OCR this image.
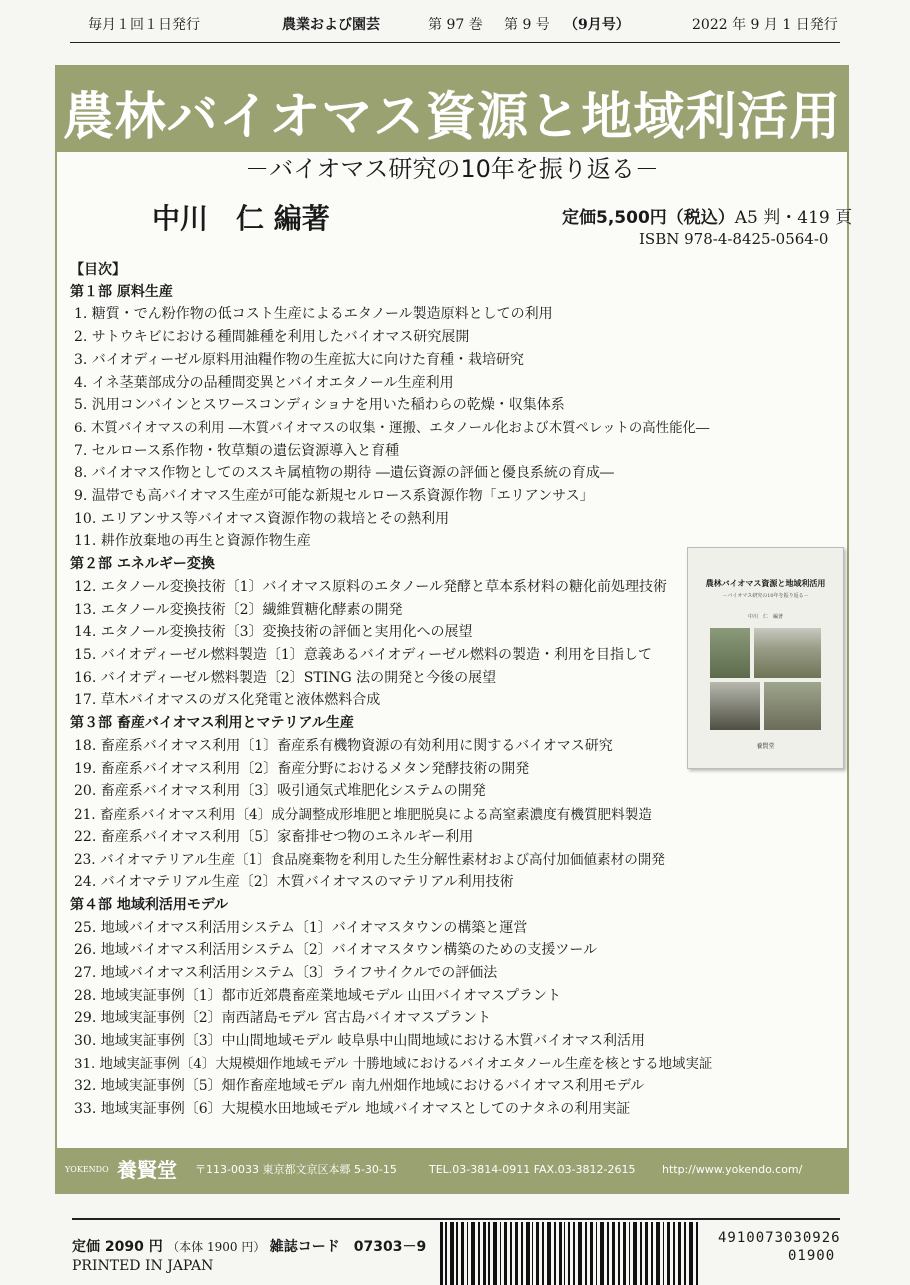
毎月１回１日発行	農業および園芸	第 97 巻 第 9 号 （9月号）	2022 年 9 月 1 日発行
農林バイオマス資源と地域利活用
－バイオマス研究の10年を振り返る－
中川　仁 編著	定価5,500円（税込）A5 判・419 頁
ISBN 978-4-8425-0564-0
【目次】
第１部 原料生産
1. 糖質・でん粉作物の低コスト生産によるエタノール製造原料としての利用
2. サトウキビにおける種間雑種を利用したバイオマス研究展開
3. バイオディーゼル原料用油糧作物の生産拡大に向けた育種・栽培研究
4. イネ茎葉部成分の品種間変異とバイオエタノール生産利用
5. 汎用コンバインとスワースコンディショナを用いた稲わらの乾燥・収集体系
6. 木質バイオマスの利用 ―木質バイオマスの収集・運搬、エタノール化および木質ペレットの高性能化―
7. セルロース系作物・牧草類の遺伝資源導入と育種
8. バイオマス作物としてのススキ属植物の期待 ―遺伝資源の評価と優良系統の育成―
9. 温帯でも高バイオマス生産が可能な新規セルロース系資源作物「エリアンサス」
10. エリアンサス等バイオマス資源作物の栽培とその熱利用
11. 耕作放棄地の再生と資源作物生産
第２部 エネルギー変換
12. エタノール変換技術〔1〕バイオマス原料のエタノール発酵と草本系材料の糖化前処理技術
13. エタノール変換技術〔2〕繊維質糖化酵素の開発
14. エタノール変換技術〔3〕変換技術の評価と実用化への展望
15. バイオディーゼル燃料製造〔1〕意義あるバイオディーゼル燃料の製造・利用を目指して
16. バイオディーゼル燃料製造〔2〕STING 法の開発と今後の展望
17. 草木バイオマスのガス化発電と液体燃料合成
第３部 畜産バイオマス利用とマテリアル生産
18. 畜産系バイオマス利用〔1〕畜産系有機物資源の有効利用に関するバイオマス研究
19. 畜産系バイオマス利用〔2〕畜産分野におけるメタン発酵技術の開発
20. 畜産系バイオマス利用〔3〕吸引通気式堆肥化システムの開発
21. 畜産系バイオマス利用〔4〕成分調整成形堆肥と堆肥脱臭による高窒素濃度有機質肥料製造
22. 畜産系バイオマス利用〔5〕家畜排せつ物のエネルギー利用
23. バイオマテリアル生産〔1〕食品廃棄物を利用した生分解性素材および高付加価値素材の開発
24. バイオマテリアル生産〔2〕木質バイオマスのマテリアル利用技術
第４部 地域利活用モデル
25. 地域バイオマス利活用システム〔1〕バイオマスタウンの構築と運営
26. 地域バイオマス利活用システム〔2〕バイオマスタウン構築のための支援ツール
27. 地域バイオマス利活用システム〔3〕ライフサイクルでの評価法
28. 地域実証事例〔1〕都市近郊農畜産業地域モデル 山田バイオマスプラント
29. 地域実証事例〔2〕南西諸島モデル 宮古島バイオマスプラント
30. 地域実証事例〔3〕中山間地域モデル 岐阜県中山間地域における木質バイオマス利活用
31. 地域実証事例〔4〕大規模畑作地域モデル 十勝地域におけるバイオエタノール生産を核とする地域実証
32. 地域実証事例〔5〕畑作畜産地域モデル 南九州畑作地域におけるバイオマス利用モデル
33. 地域実証事例〔6〕大規模水田地域モデル 地域バイオマスとしてのナタネの利用実証
農林バイオマス資源と地域利活用
－バイオマス研究の10年を振り返る－
中川　仁　編著
養賢堂
YOKENDO 養賢堂 〒113-0033 東京都文京区本郷 5-30-15	TEL.03-3814-0911 FAX.03-3812-2615 http://www.yokendo.com/
定価 2090 円 （本体 1900 円） 雑誌コード　07303－9
PRINTED IN JAPAN
4910073030926
01900
